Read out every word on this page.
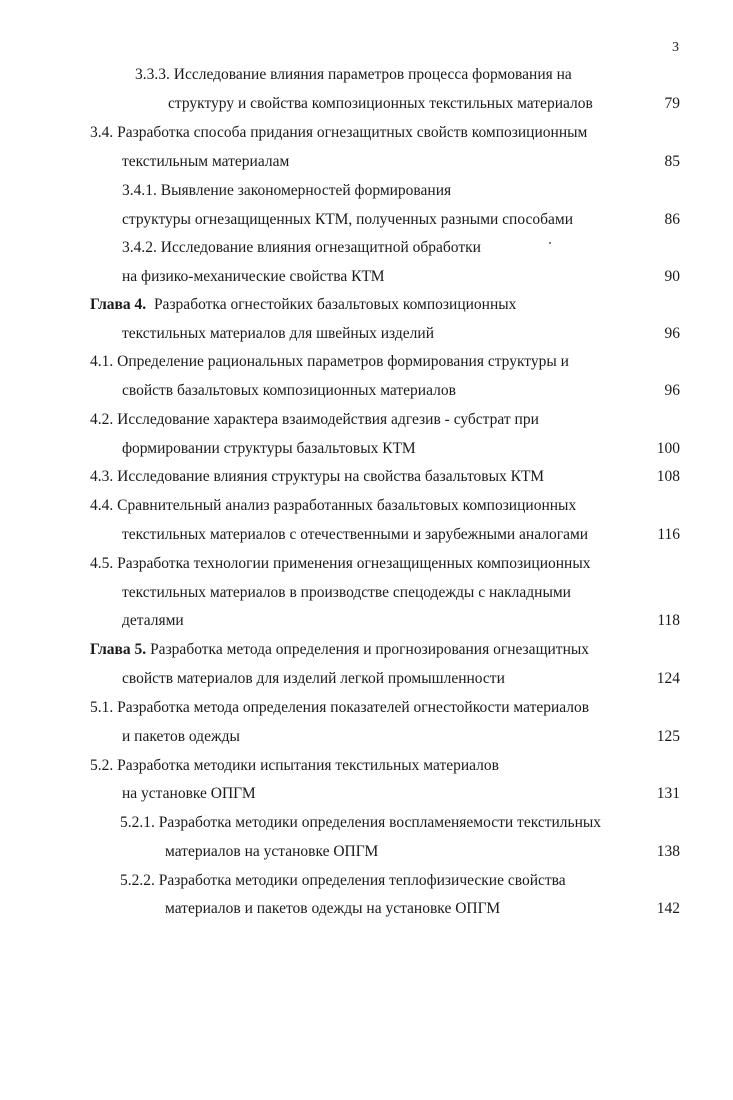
3
3.3.3. Исследование влияния параметров процесса формования на
структуру и свойства композиционных текстильных материалов	79
3.4. Разработка способа придания огнезащитных свойств композиционным
текстильным материалам	85
3.4.1. Выявление закономерностей формирования
структуры огнезащищенных КТМ, полученных разными способами	86
3.4.2. Исследование влияния огнезащитной обработки
на физико-механические свойства КТМ	90
Глава 4. Разработка огнестойких базальтовых композиционных
текстильных материалов для швейных изделий	96
4.1. Определение рациональных параметров формирования структуры и
свойств базальтовых композиционных материалов	96
4.2. Исследование характера взаимодействия адгезив - субстрат при
формировании структуры базальтовых КТМ	100
4.3. Исследование влияния структуры на свойства базальтовых КТМ	108
4.4. Сравнительный анализ разработанных базальтовых композиционных
текстильных материалов с отечественными и зарубежными аналогами	116
4.5. Разработка технологии применения огнезащищенных композиционных
текстильных материалов в производстве спецодежды с накладными
деталями	118
Глава 5. Разработка метода определения и прогнозирования огнезащитных
свойств материалов для изделий легкой промышленности	124
5.1. Разработка метода определения показателей огнестойкости материалов
и пакетов одежды	125
5.2. Разработка методики испытания текстильных материалов
на установке ОПГМ	131
5.2.1. Разработка методики определения воспламеняемости текстильных
материалов на установке ОПГМ	138
5.2.2. Разработка методики определения теплофизические свойства
материалов и пакетов одежды на установке ОПГМ	142
